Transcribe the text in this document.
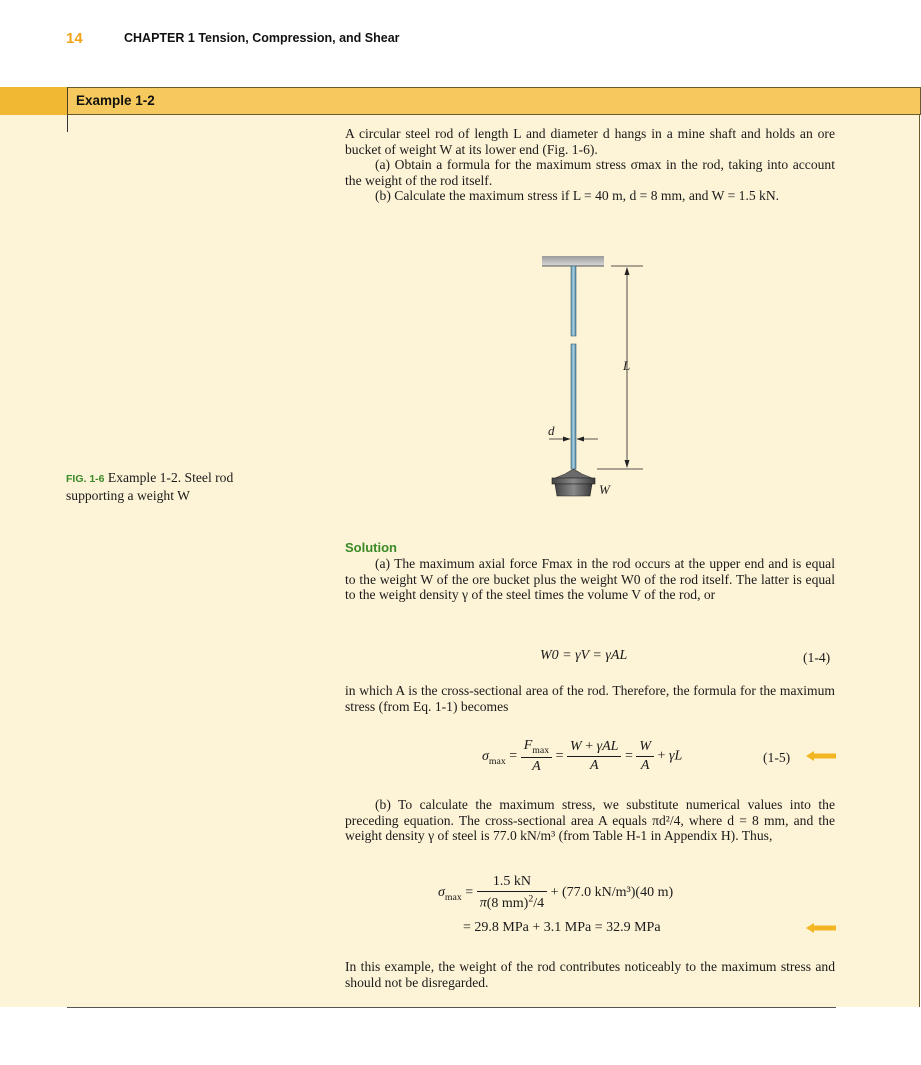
14	CHAPTER 1 Tension, Compression, and Shear
Example 1-2

A circular steel rod of length L and diameter d hangs in a mine shaft and holds an ore bucket of weight W at its lower end (Fig. 1-6).

(a) Obtain a formula for the maximum stress σmax in the rod, taking into account the weight of the rod itself.

(b) Calculate the maximum stress if L = 40 m, d = 8 mm, and W = 1.5 kN.

L
d
W
FIG. 1-6 Example 1-2. Steel rod supporting a weight W
Solution

(a) The maximum axial force Fmax in the rod occurs at the upper end and is equal to the weight W of the ore bucket plus the weight W0 of the rod itself. The latter is equal to the weight density γ of the steel times the volume V of the rod, or

W0 = γV = γAL	(1-4)

in which A is the cross-sectional area of the rod. Therefore, the formula for the maximum stress (from Eq. 1-1) becomes

$\sigma_{max} = \frac{F_{max}}{A} = \frac{\text{W + γAL}}{A} = \frac{W}{A} + \gamma L$	(1-5)

(b) To calculate the maximum stress, we substitute numerical values into the preceding equation. The cross-sectional area A equals πd²/4, where d = 8 mm, and the weight density γ of steel is 77.0 kN/m³ (from Table H-1 in Appendix H). Thus,

$\sigma_{max} = \frac{1.5 kN}{\pi(8 mm)^2/4} + (77.0$ kN/m³)(40 m)
= 29.8 MPa + 3.1 MPa = 32.9 MPa

In this example, the weight of the rod contributes noticeably to the maximum stress and should not be disregarded.
